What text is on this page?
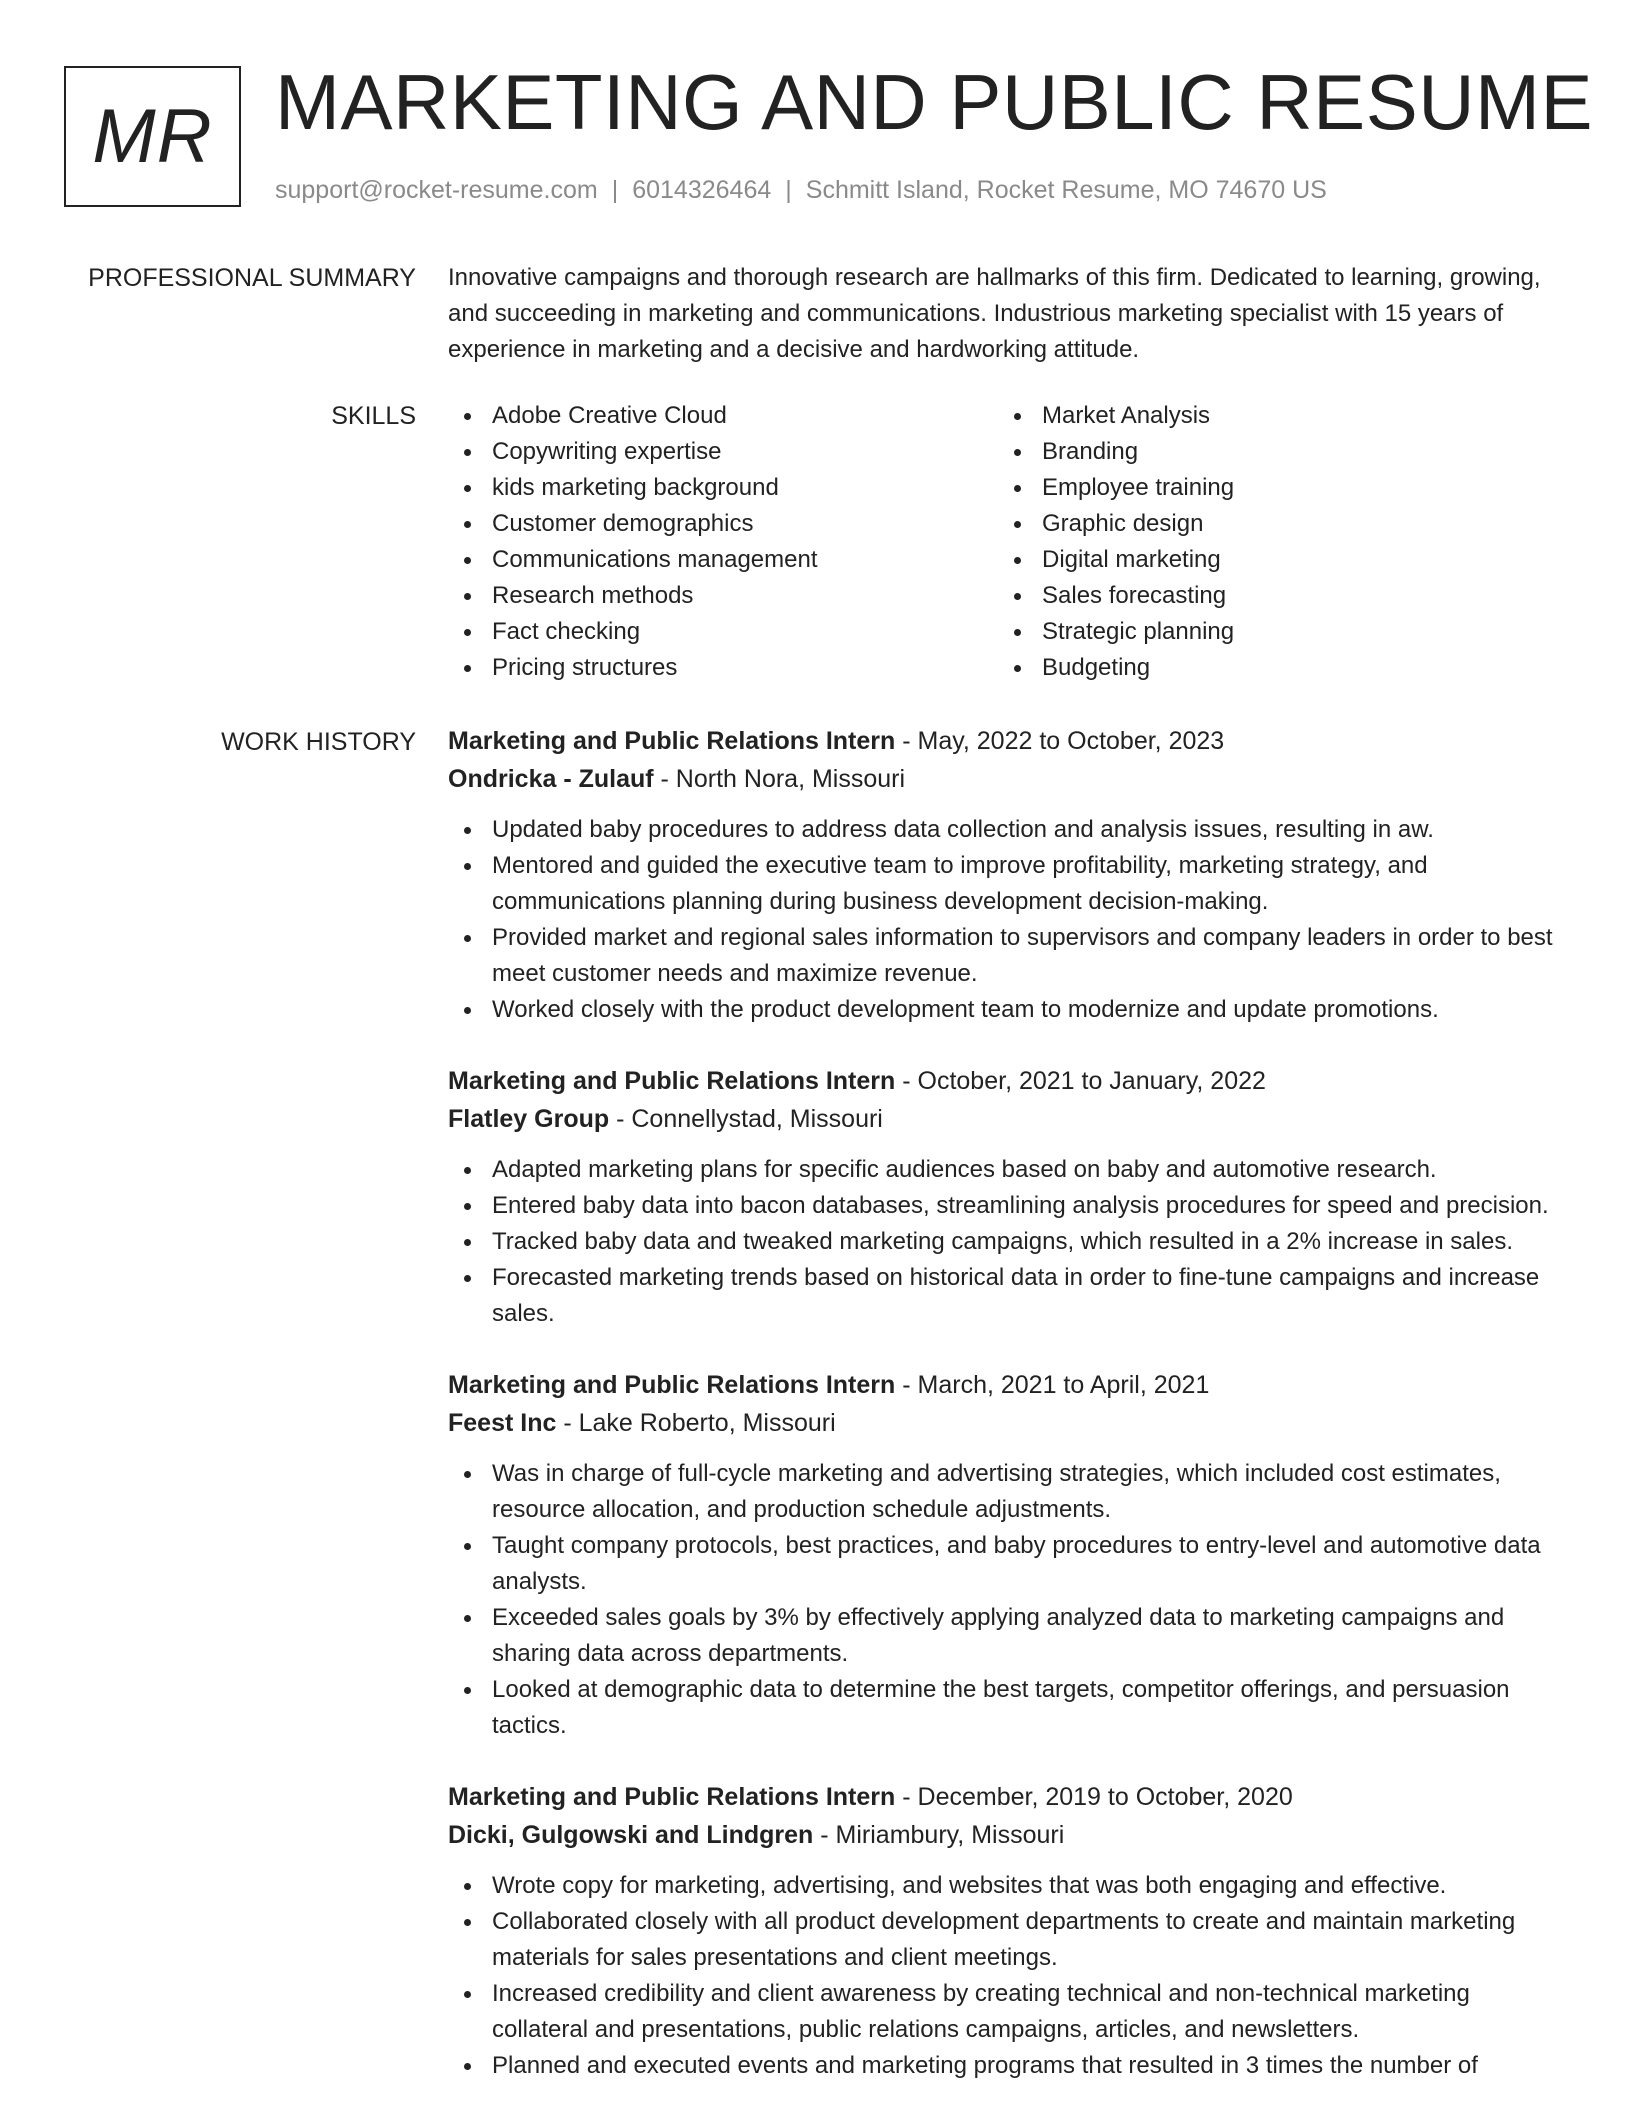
MR MARKETING AND PUBLIC RESUME
support@rocket-resume.com | 6014326464 | Schmitt Island, Rocket Resume, MO 74670 US
PROFESSIONAL SUMMARY Innovative campaigns and thorough research are hallmarks of this firm. Dedicated to learning, growing, and succeeding in marketing and communications. Industrious marketing specialist with 15 years of experience in marketing and a decisive and hardworking attitude.

SKILLS	Adobe Creative Cloud
Copywriting expertise
kids marketing background
Customer demographics
Communications management
Research methods
Fact checking
Pricing structures
Market Analysis
Branding
Employee training
Graphic design
Digital marketing
Sales forecasting
Strategic planning
Budgeting
WORK HISTORY Marketing and Public Relations Intern - May, 2022 to October, 2023
Ondricka - Zulauf - North Nora, Missouri
Updated baby procedures to address data collection and analysis issues, resulting in aw.
Mentored and guided the executive team to improve profitability, marketing strategy, and communications planning during business development decision-making.
Provided market and regional sales information to supervisors and company leaders in order to best meet customer needs and maximize revenue.
Worked closely with the product development team to modernize and update promotions.
Marketing and Public Relations Intern - October, 2021 to January, 2022
Flatley Group - Connellystad, Missouri
Adapted marketing plans for specific audiences based on baby and automotive research.
Entered baby data into bacon databases, streamlining analysis procedures for speed and precision.
Tracked baby data and tweaked marketing campaigns, which resulted in a 2% increase in sales.
Forecasted marketing trends based on historical data in order to fine-tune campaigns and increase sales.
Marketing and Public Relations Intern - March, 2021 to April, 2021
Feest Inc - Lake Roberto, Missouri
Was in charge of full-cycle marketing and advertising strategies, which included cost estimates, resource allocation, and production schedule adjustments.
Taught company protocols, best practices, and baby procedures to entry-level and automotive data analysts.
Exceeded sales goals by 3% by effectively applying analyzed data to marketing campaigns and sharing data across departments.
Looked at demographic data to determine the best targets, competitor offerings, and persuasion tactics.
Marketing and Public Relations Intern - December, 2019 to October, 2020
Dicki, Gulgowski and Lindgren - Miriambury, Missouri
Wrote copy for marketing, advertising, and websites that was both engaging and effective.
Collaborated closely with all product development departments to create and maintain marketing materials for sales presentations and client meetings.
Increased credibility and client awareness by creating technical and non-technical marketing collateral and presentations, public relations campaigns, articles, and newsletters.
Planned and executed events and marketing programs that resulted in 3 times the number of
